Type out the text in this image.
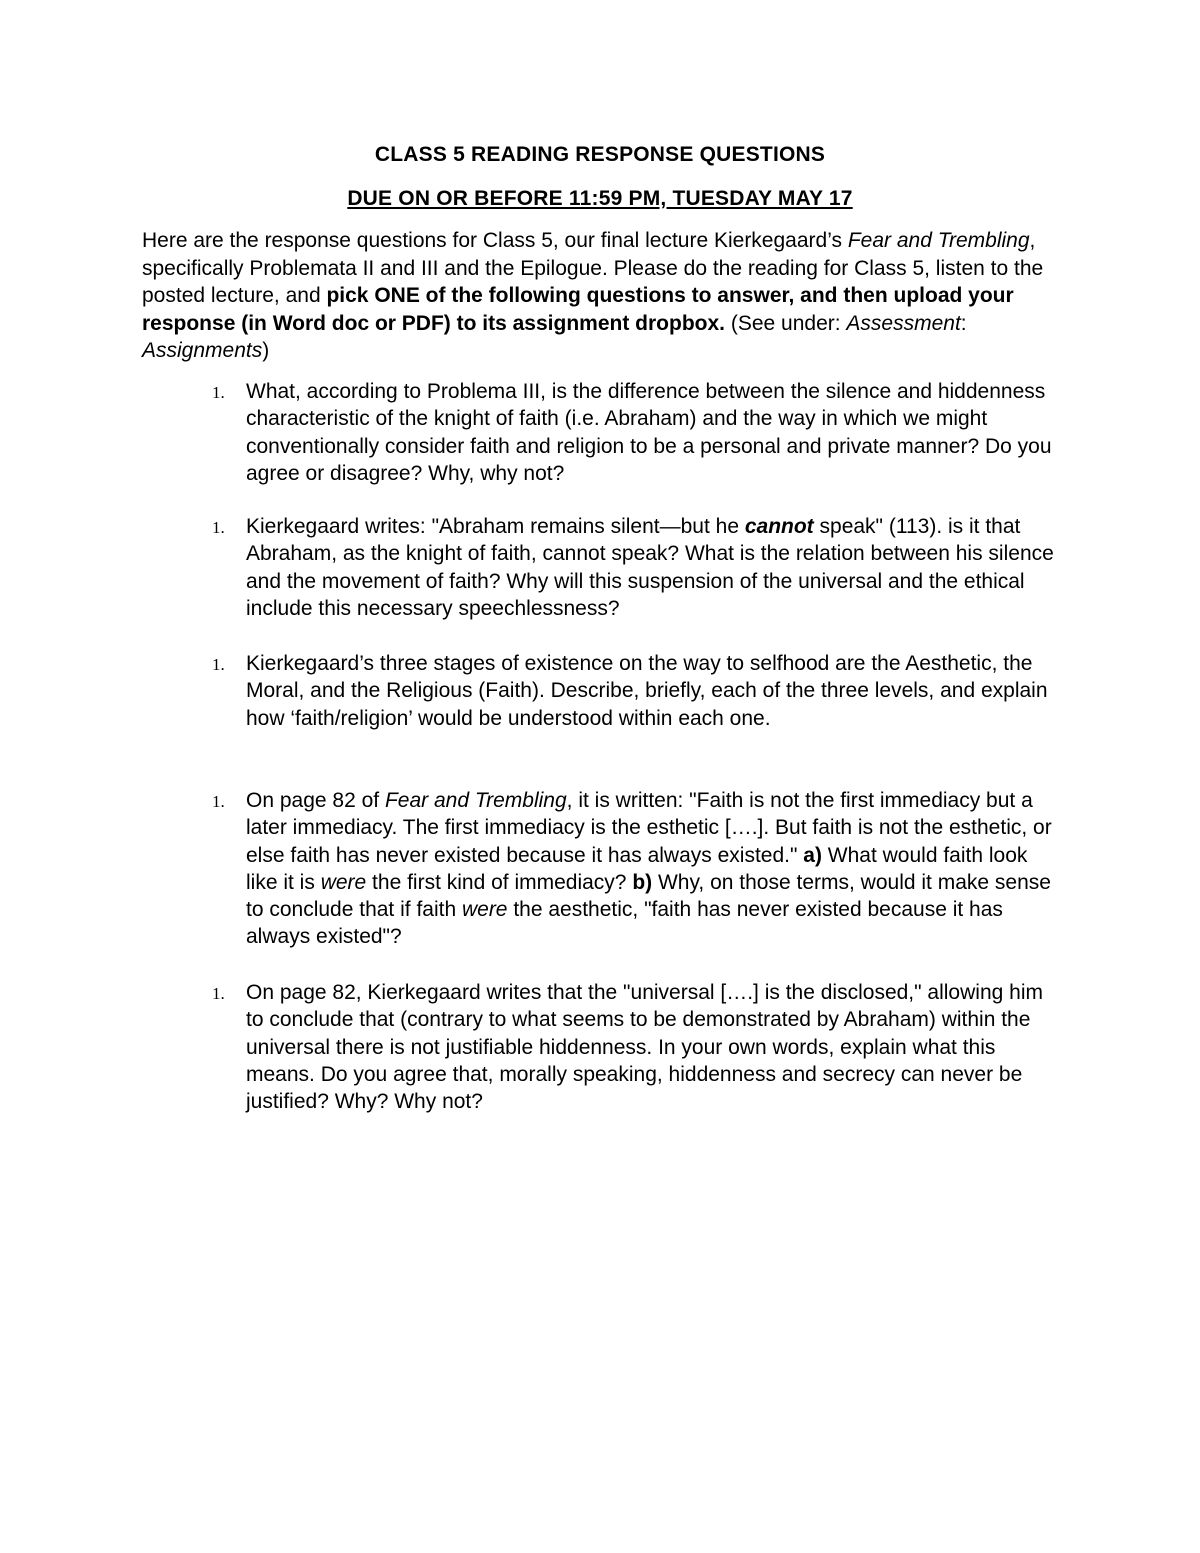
CLASS 5 READING RESPONSE QUESTIONS
DUE ON OR BEFORE 11:59 PM, TUESDAY MAY 17
Here are the response questions for Class 5, our final lecture Kierkegaard’s Fear and Trembling, specifically Problemata II and III and the Epilogue. Please do the reading for Class 5, listen to the posted lecture, and pick ONE of the following questions to answer, and then upload your response (in Word doc or PDF) to its assignment dropbox. (See under: Assessment: Assignments)
1.	What, according to Problema III, is the difference between the silence and hiddenness characteristic of the knight of faith (i.e. Abraham) and the way in which we might conventionally consider faith and religion to be a personal and private manner? Do you agree or disagree? Why, why not?
1.	Kierkegaard writes: "Abraham remains silent—but he cannot speak" (113). is it that Abraham, as the knight of faith, cannot speak? What is the relation between his silence and the movement of faith? Why will this suspension of the universal and the ethical include this necessary speechlessness?
1.	Kierkegaard’s three stages of existence on the way to selfhood are the Aesthetic, the Moral, and the Religious (Faith). Describe, briefly, each of the three levels, and explain how ‘faith/religion’ would be understood within each one.
1.	On page 82 of Fear and Trembling, it is written: "Faith is not the first immediacy but a later immediacy. The first immediacy is the esthetic [….]. But faith is not the esthetic, or else faith has never existed because it has always existed." a) What would faith look like it is were the first kind of immediacy? b) Why, on those terms, would it make sense to conclude that if faith were the aesthetic, "faith has never existed because it has always existed"?
1.	On page 82, Kierkegaard writes that the "universal [….] is the disclosed," allowing him to conclude that (contrary to what seems to be demonstrated by Abraham) within the universal there is not justifiable hiddenness. In your own words, explain what this means. Do you agree that, morally speaking, hiddenness and secrecy can never be justified? Why? Why not?
